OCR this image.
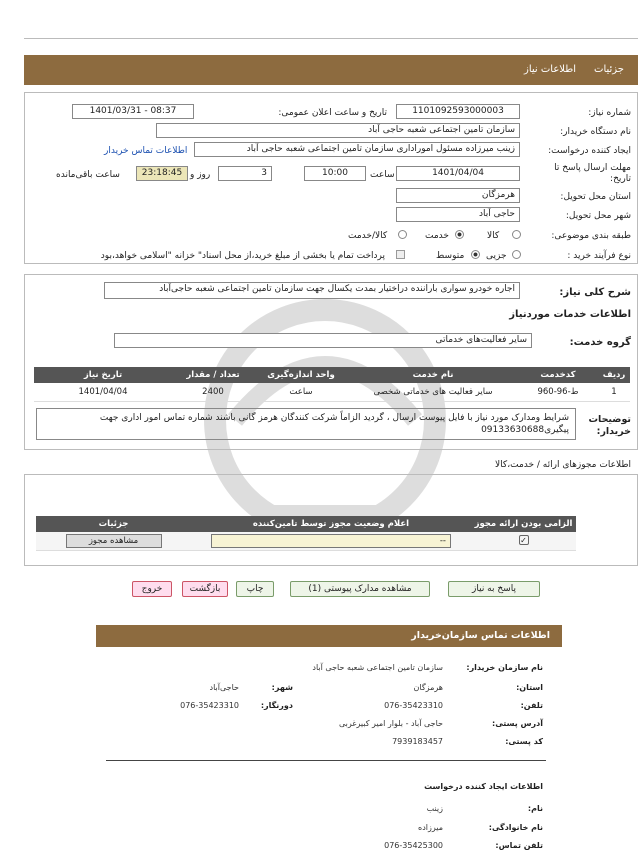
جزئیات
اطلاعات نیاز
شماره نیاز:
1101092593000003
تاریخ و ساعت اعلان عمومی:
1401/03/31 - 08:37
نام دستگاه خریدار:
سازمان تامین اجتماعی شعبه حاجی آباد
ایجاد کننده درخواست:
زینب میرزاده مسئول اموراداری سازمان تامین اجتماعی شعبه حاجی آباد
اطلاعات تماس خریدار
مهلت ارسال پاسخ تا تاریخ:
1401/04/04
ساعت
10:00
3
روز و
23:18:45
ساعت باقی‌مانده
استان محل تحویل:
هرمزگان
شهر محل تحویل:
حاجی آباد
طبقه بندی موضوعی:
کالا
خدمت
کالا/خدمت
نوع فرآیند خرید :
جزیی
متوسط
پرداخت تمام یا بخشی از مبلغ خرید،از محل اسناد" خزانه "اسلامی خواهد،بود
شرح کلی نیاز:
اجاره خودرو سواری باراننده دراختیار بمدت یکسال جهت سازمان تامین اجتماعی شعبه حاجی‌آباد
اطلاعات خدمات موردنیاز
گروه خدمت:
سایر فعالیت‌های خدماتی
ردیف	کدخدمت	نام خدمت	واحد اندازه‌گیری	تعداد / مقدار	تاریخ نیاز
1	ط-96-960	سایر فعالیت های خدماتی شخصی	ساعت	2400	1401/04/04
توضیحات خریدار:
شرایط ومدارک مورد نیاز با فایل پیوست ارسال ، گردید الزاماً شرکت کنندگان هرمز گانی باشند شماره تماس امور اداری جهت پیگیری09133630688
اطلاعات مجوزهای ارائه / خدمت،کالا
الزامی بودن ارائه مجوز	اعلام وضعیت مجوز توسط تامین‌کننده	جزئیات
✓	--	مشاهده مجوز
پاسخ به نیاز
مشاهده مدارک پیوستی (1)
چاپ
بازگشت
خروج
اطلاعات تماس سازمان‌خریدار
نام سازمان خریدار:
سازمان تامین اجتماعی شعبه حاجی آباد
استان:
هرمزگان
شهر:
حاجی‌آباد
تلفن:
076-35423310
دورنگار:
076-35423310
آدرس پستی:
حاجی آباد - بلوار امیر کبیرغربی
کد پستی:
7939183457
اطلاعات ایجاد کننده درخواست
نام:
زینب
نام خانوادگی:
میرزاده
تلفن تماس:
076-35425300
